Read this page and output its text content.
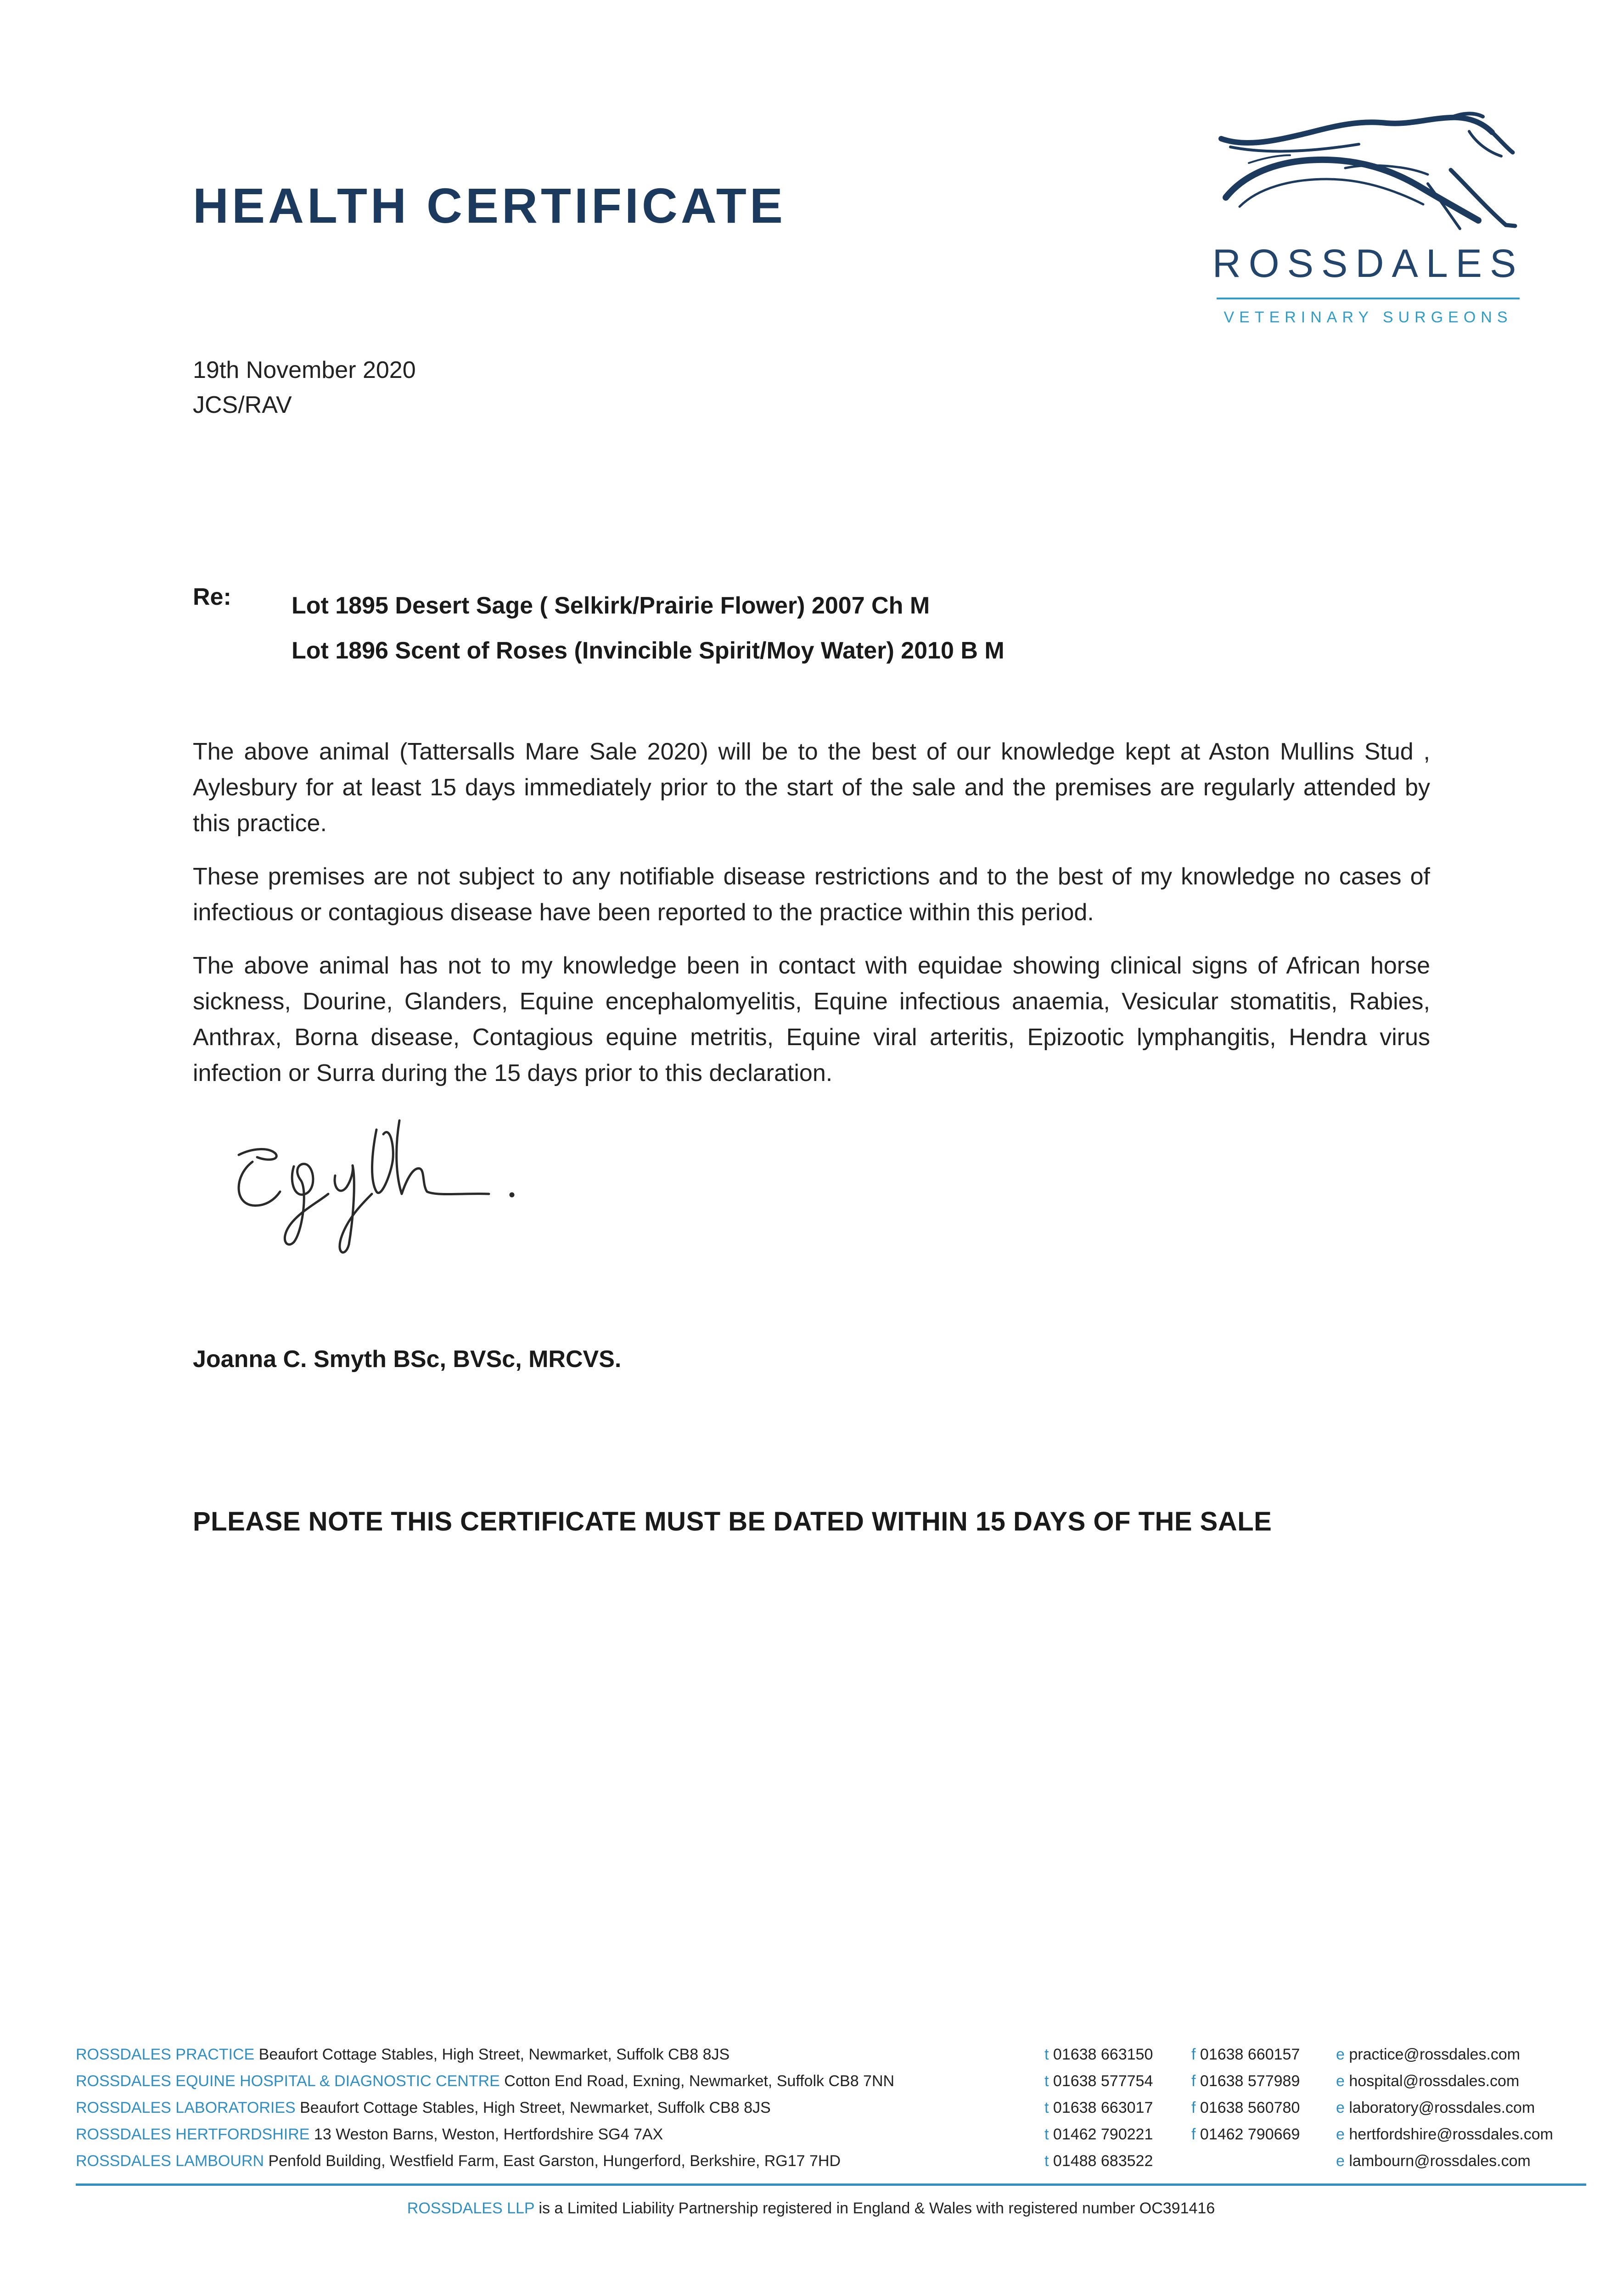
HEALTH CERTIFICATE
ROSSDALES
VETERINARY SURGEONS
19th November 2020
JCS/RAV
Re:	Lot 1895 Desert Sage ( Selkirk/Prairie Flower) 2007 Ch M
Lot 1896 Scent of Roses (Invincible Spirit/Moy Water) 2010 B M

The above animal (Tattersalls Mare Sale 2020) will be to the best of our knowledge kept at Aston Mullins Stud , Aylesbury for at least 15 days immediately prior to the start of the sale and the premises are regularly attended by this practice.

These premises are not subject to any notifiable disease restrictions and to the best of my knowledge no cases of infectious or contagious disease have been reported to the practice within this period.

The above animal has not to my knowledge been in contact with equidae showing clinical signs of African horse sickness, Dourine, Glanders, Equine encephalomyelitis, Equine infectious anaemia, Vesicular stomatitis, Rabies, Anthrax, Borna disease, Contagious equine metritis, Equine viral arteritis, Epizootic lymphangitis, Hendra virus infection or Surra during the 15 days prior to this declaration.

Joanna C. Smyth BSc, BVSc, MRCVS.
PLEASE NOTE THIS CERTIFICATE MUST BE DATED WITHIN 15 DAYS OF THE SALE
ROSSDALES PRACTICE Beaufort Cottage Stables, High Street, Newmarket, Suffolk CB8 8JS	t 01638 663150 f 01638 660157 e practice@rossdales.com
ROSSDALES EQUINE HOSPITAL & DIAGNOSTIC CENTRE Cotton End Road, Exning, Newmarket, Suffolk CB8 7NN	t 01638 577754 f 01638 577989 e hospital@rossdales.com
ROSSDALES LABORATORIES Beaufort Cottage Stables, High Street, Newmarket, Suffolk CB8 8JS	t 01638 663017 f 01638 560780 e laboratory@rossdales.com
ROSSDALES HERTFORDSHIRE 13 Weston Barns, Weston, Hertfordshire SG4 7AX	t 01462 790221 f 01462 790669 e hertfordshire@rossdales.com
ROSSDALES LAMBOURN Penfold Building, Westfield Farm, East Garston, Hungerford, Berkshire, RG17 7HD	t 01488 683522	e lambourn@rossdales.com
ROSSDALES LLP is a Limited Liability Partnership registered in England & Wales with registered number OC391416
